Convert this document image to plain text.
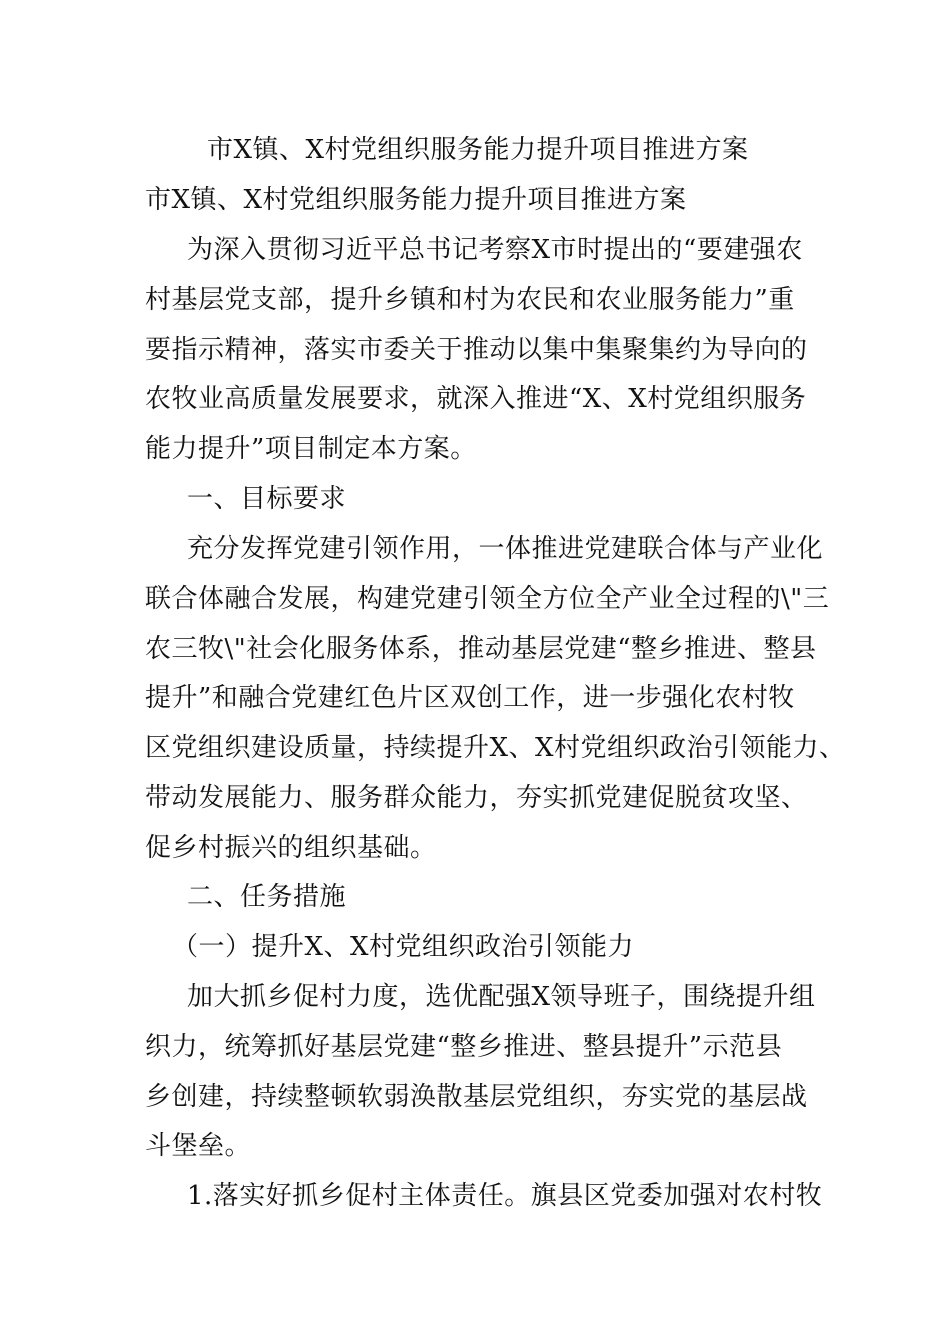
市X镇、X村党组织服务能力提升项目推进方案
市X镇、X村党组织服务能力提升项目推进方案
为深入贯彻习近平总书记考察X市时提出的“要建强农
村基层党支部，提升乡镇和村为农民和农业服务能力”重
要指示精神，落实市委关于推动以集中集聚集约为导向的
农牧业高质量发展要求，就深入推进“X、X村党组织服务
能力提升”项目制定本方案。
一、目标要求
充分发挥党建引领作用，一体推进党建联合体与产业化
联合体融合发展，构建党建引领全方位全产业全过程的\"三
农三牧\"社会化服务体系，推动基层党建“整乡推进、整县
提升”和融合党建红色片区双创工作，进一步强化农村牧
区党组织建设质量，持续提升X、X村党组织政治引领能力、
带动发展能力、服务群众能力，夯实抓党建促脱贫攻坚、
促乡村振兴的组织基础。
二、任务措施
（一）提升X、X村党组织政治引领能力
加大抓乡促村力度，选优配强X领导班子，围绕提升组
织力，统筹抓好基层党建“整乡推进、整县提升”示范县
乡创建，持续整顿软弱涣散基层党组织，夯实党的基层战
斗堡垒。
1.落实好抓乡促村主体责任。旗县区党委加强对农村牧
